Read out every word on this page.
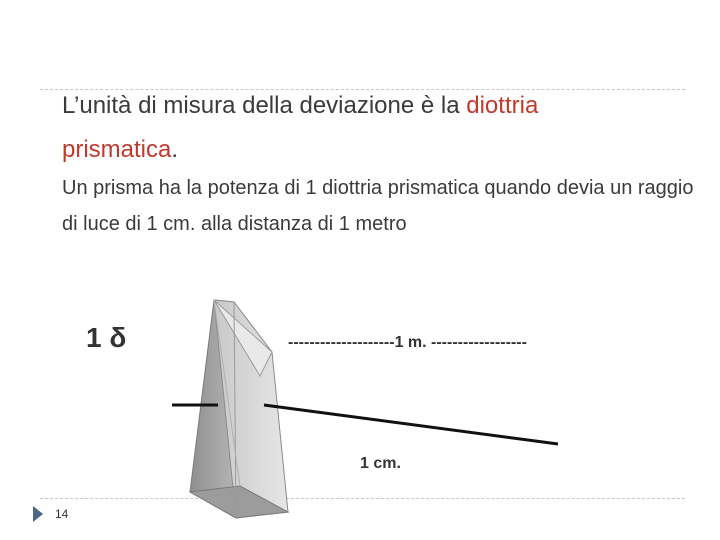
L’unità di misura della deviazione è la diottria
prismatica.
Un prisma ha la potenza di 1 diottria prismatica quando devia un raggio di luce di 1 cm. alla distanza di 1 metro
1 δ	--------------------1 m. ------------------
1 cm.
14
